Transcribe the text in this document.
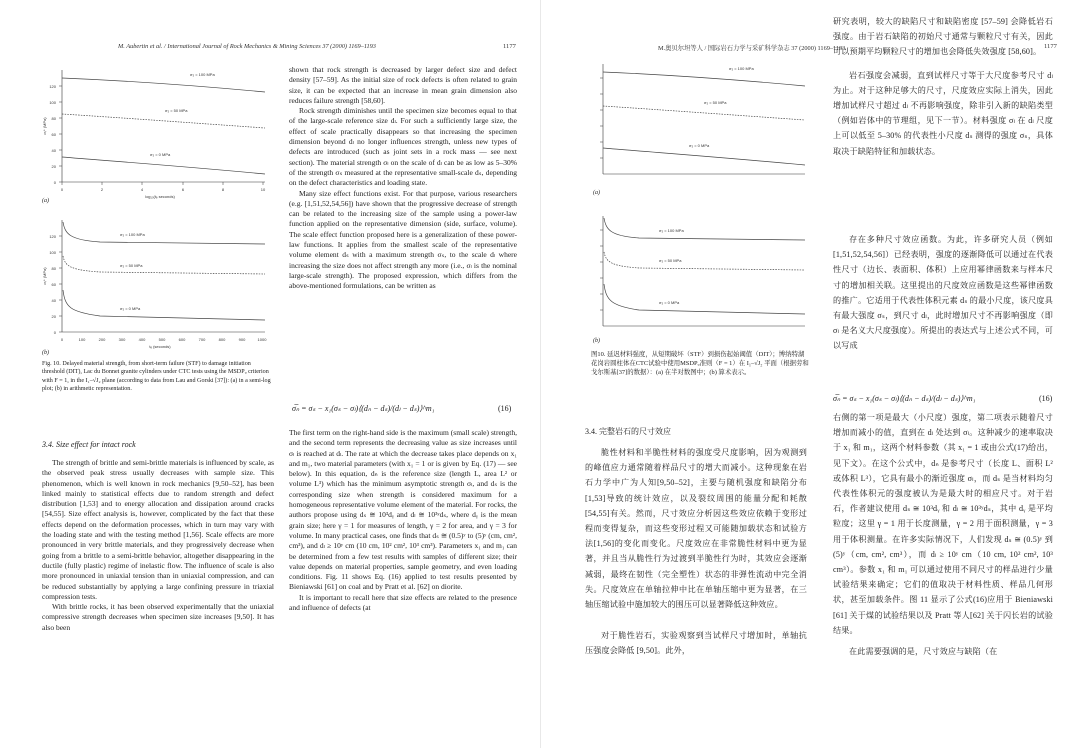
M. Aubertin et al. / International Journal of Rock Mechanics & Mining Sciences 37 (2000) 1169–1193	1177
0
20
40
60
80
100
120
0	2	4	6	8	10
log₁₀(tₑ seconds)
σₜ* (MPa)
σ₃ = 100 MPa
σ₃ = 50 MPa
σ₃ = 0 MPa
(a)
0
20
40
60
80
100
120
0	100	200	300	400	500	600	700	800	900	1000
tₑ (seconds)
σₜ* (MPa)
σ₃ = 100 MPa
σ₃ = 50 MPa
σ₃ = 0 MPa
(b)
Fig. 10. Delayed material strength, from short-term failure (STF) to damage initiation threshold (DIT), Lac du Bonnet granite cylinders under CTC tests using the MSDPᵤ criterion with F = 1, in the I₁–√J₂ plane (according to data from Lau and Gorski [37]): (a) in a semi-log plot; (b) in arithmetic representation.
3.4. Size effect for intact rock

The strength of brittle and semi-brittle materials is influenced by scale, as the observed peak stress usually decreases with sample size. This phenomenon, which is well known in rock mechanics [9,50–52], has been linked mainly to statistical effects due to random strength and defect distribution [1,53] and to energy allocation and dissipation around cracks [54,55]. Size effect analysis is, however, complicated by the fact that these effects depend on the deformation processes, which in turn may vary with the loading state and with the testing method [1,56]. Scale effects are more pronounced in very brittle materials, and they progressively decrease when going from a brittle to a semi-brittle behavior, altogether disappearing in the ductile (fully plastic) regime of inelastic flow. The influence of scale is also more pronounced in uniaxial tension than in uniaxial compression, and can be reduced substantially by applying a large confining pressure in triaxial compression tests.

With brittle rocks, it has been observed experimentally that the uniaxial compressive strength decreases when specimen size increases [9,50]. It has also been

shown that rock strength is decreased by larger defect size and defect density [57–59]. As the initial size of rock defects is often related to grain size, it can be expected that an increase in mean grain dimension also reduces failure strength [58,60].

Rock strength diminishes until the specimen size becomes equal to that of the large-scale reference size dₗ. For such a sufficiently large size, the effect of scale practically disappears so that increasing the specimen dimension beyond dₗ no longer influences strength, unless new types of defects are introduced (such as joint sets in a rock mass — see next section). The material strength σₗ on the scale of dₗ can be as low as 5–30% of the strength σₛ measured at the representative small-scale dₛ, depending on the defect characteristics and loading state.

Many size effect functions exist. For that purpose, various researchers (e.g. [1,51,52,54,56]) have shown that the progressive decrease of strength can be related to the increasing size of the sample using a power-law function applied on the representative dimension (side, surface, volume). The scale effect function proposed here is a generalization of these power-law functions. It applies from the smallest scale of the representative volume element dₛ with a maximum strength σₛ, to the scale dₗ where increasing the size does not affect strength any more (i.e., σₗ is the nominal large-scale strength). The proposed expression, which differs from the above-mentioned formulations, can be written as

σ̅ₙ = σₛ − x₁(σₛ − σₗ)⟨(dₙ − dₛ)/(dₗ − dₛ)⟩^m₁	(16)

The first term on the right-hand side is the maximum (small scale) strength, and the second term represents the decreasing value as size increases until σₗ is reached at dₗ. The rate at which the decrease takes place depends on x₁ and m₁, two material parameters (with x₁ = 1 or is given by Eq. (17) — see below). In this equation, dₙ is the reference size (length L, area L² or volume L³) which has the minimum asymptotic strength σₗ, and dₛ is the corresponding size when strength is considered maximum for a homogeneous representative volume element of the material. For rocks, the authors propose using dₛ ≅ 10³dᵧ and dₗ ≅ 10³ʸdₛ, where dᵧ is the mean grain size; here γ = 1 for measures of length, γ = 2 for area, and γ = 3 for volume. In many practical cases, one finds that dₛ ≅ (0.5)ʸ to (5)ʸ (cm, cm², cm³), and dₗ ≥ 10ʸ cm (10 cm, 10² cm², 10³ cm³). Parameters x₁ and m₁ can be determined from a few test results with samples of different size; their value depends on material properties, sample geometry, and even loading conditions. Fig. 11 shows Eq. (16) applied to test results presented by Bieniawski [61] on coal and by Pratt et al. [62] on diorite.

It is important to recall here that size effects are related to the presence and influence of defects (at

M.奥贝尔坦等人 / 国际岩石力学与采矿科学杂志 37 (2000) 1169–1193	1177
σ₃ = 100 MPa
σ₃ = 50 MPa
σ₃ = 0 MPa
(a)
σ₃ = 100 MPa
σ₃ = 50 MPa
σ₃ = 0 MPa
(b)
图10. 延迟材料强度，从短期破坏（STF）到损伤起始阈值（DIT）；博纳特湖花岗岩圆柱体在CTC试验中使用MSDPᵤ准则（F = 1）在 I₁–√J₂ 平面（根据劳和戈尔斯基[37]的数据）：(a) 在半对数图中；(b) 算术表示。
3.4. 完整岩石的尺寸效应

脆性材料和半脆性材料的强度受尺度影响，因为观测到的峰值应力通常随着样品尺寸的增大而减小。这种现象在岩石力学中广为人知[9,50–52]，主要与随机强度和缺陷分布[1,53]导致的统计效应，以及裂纹周围的能量分配和耗散[54,55]有关。然而，尺寸效应分析因这些效应依赖于变形过程而变得复杂，而这些变形过程又可能随加载状态和试验方法[1,56]的变化而变化。尺度效应在非常脆性材料中更为显著，并且当从脆性行为过渡到半脆性行为时，其效应会逐渐减弱，最终在韧性（完全塑性）状态的非弹性流动中完全消失。尺度效应在单轴拉伸中比在单轴压缩中更为显著，在三轴压缩试验中施加较大的围压可以显著降低这种效应。

对于脆性岩石，实验观察到当试样尺寸增加时，单轴抗压强度会降低 [9,50]。此外，

研究表明，较大的缺陷尺寸和缺陷密度 [57–59] 会降低岩石强度。由于岩石缺陷的初始尺寸通常与颗粒尺寸有关，因此可以预期平均颗粒尺寸的增加也会降低失效强度 [58,60]。

岩石强度会减弱，直到试样尺寸等于大尺度参考尺寸 dₗ 为止。对于这种足够大的尺寸，尺度效应实际上消失，因此增加试样尺寸超过 dₗ 不再影响强度，除非引入新的缺陷类型（例如岩体中的节理组，见下一节）。材料强度 σₗ 在 dₗ 尺度上可以低至 5–30% 的代表性小尺度 dₛ 测得的强度 σₛ，具体取决于缺陷特征和加载状态。

存在多种尺寸效应函数。为此，许多研究人员（例如 [1,51,52,54,56]）已经表明，强度的逐渐降低可以通过在代表性尺寸（边长、表面积、体积）上应用幂律函数来与样本尺寸的增加相关联。这里提出的尺度效应函数是这些幂律函数的推广。它适用于代表性体积元素 dₛ 的最小尺度，该尺度具有最大强度 σₛ，到尺寸 dₗ，此时增加尺寸不再影响强度（即 σₗ 是名义大尺度强度）。所提出的表达式与上述公式不同，可以写成

σ̅ₙ = σₛ − x₁(σₛ − σₗ)⟨(dₙ − dₛ)/(dₗ − dₛ)⟩^m₁	(16)

右侧的第一项是最大（小尺度）强度，第二项表示随着尺寸增加而减小的值，直到在 dₗ 处达到 σₗ。这种减少的速率取决于 x₁ 和 m₁，这两个材料参数（其 x₁ = 1 或由公式(17)给出，见下文）。在这个公式中，dₙ 是参考尺寸（长度 L、面积 L² 或体积 L³），它具有最小的渐近强度 σₗ，而 dₛ 是当材料均匀代表性体积元的强度被认为是最大时的相应尺寸。对于岩石，作者建议使用 dₛ ≅ 10³dᵧ 和 dₗ ≅ 10³ʸdₛ，其中 dᵧ 是平均粒度；这里 γ = 1 用于长度测量，γ = 2 用于面积测量，γ = 3 用于体积测量。在许多实际情况下，人们发现 dₛ ≅ (0.5)ʸ 到 (5)ʸ（cm, cm², cm³），而 dₗ ≥ 10ʸ cm（10 cm, 10² cm², 10³ cm³）。参数 x₁ 和 m₁ 可以通过使用不同尺寸的样品进行少量试验结果来确定；它们的值取决于材料性质、样品几何形状，甚至加载条件。图 11 显示了公式(16)应用于 Bieniawski [61] 关于煤的试验结果以及 Pratt 等人[62] 关于闪长岩的试验结果。

在此需要强调的是，尺寸效应与缺陷（在
